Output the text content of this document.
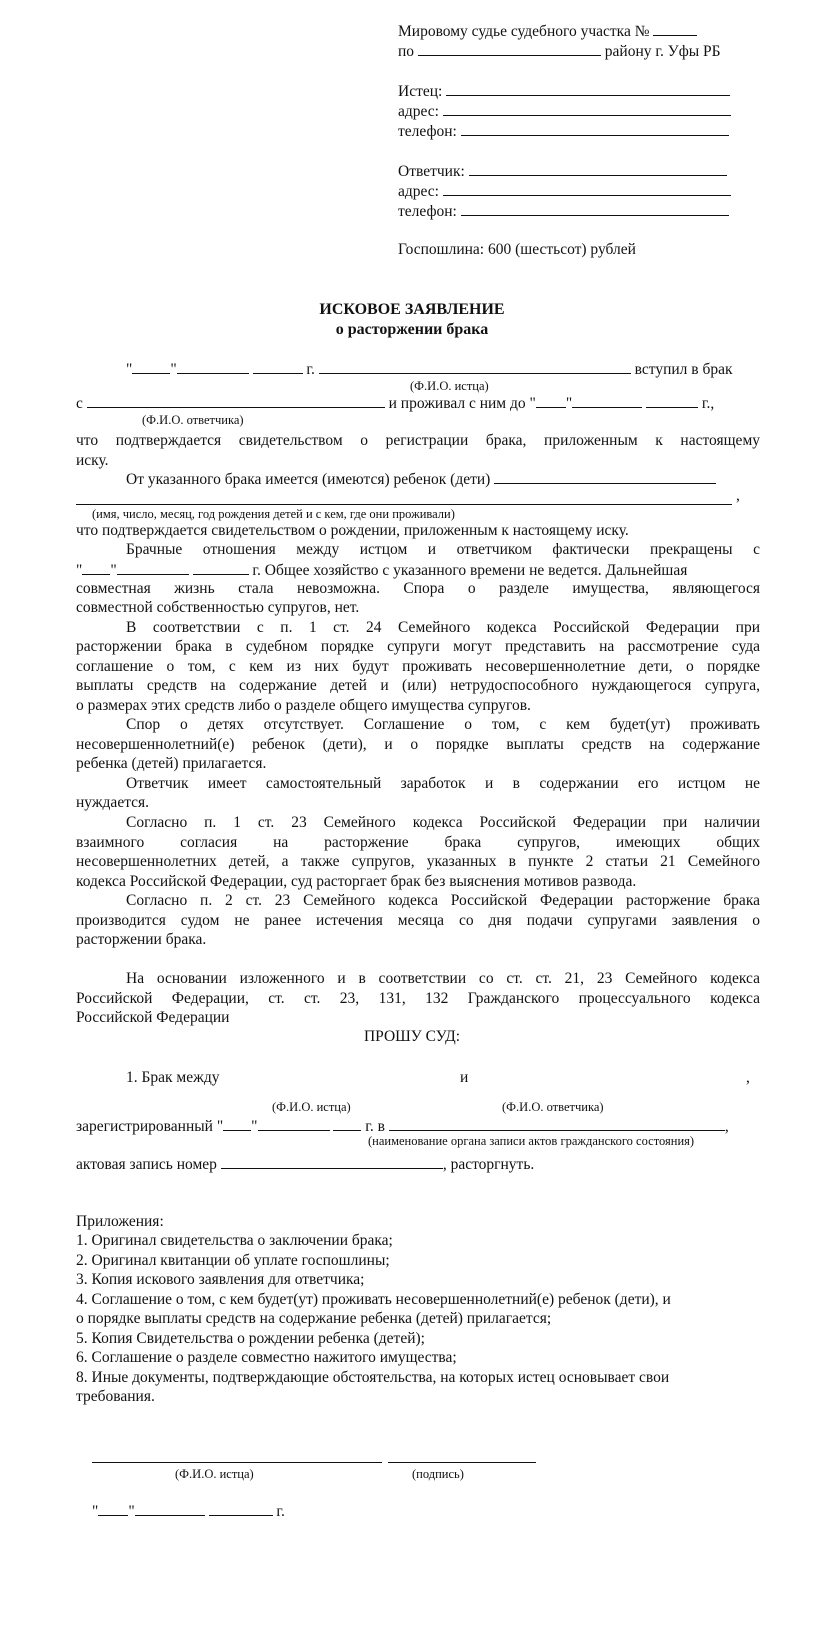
Мировому судье судебного участка №
по	району г. Уфы РБ
Истец:
адрес:
телефон:
Ответчик:
адрес:
телефон:
Госпошлина: 600 (шестьсот) рублей
ИСКОВОЕ ЗАЯВЛЕНИЕ
о расторжении брака
" "	г.	вступил в брак
(Ф.И.О. истца)
с	и проживал с ним до " "	г.,
(Ф.И.О. ответчика)
что подтверждается свидетельством о регистрации брака, приложенным к настоящему
иску.
От указанного брака имеется (имеются) ребенок (дети)
,
(имя, число, месяц, год рождения детей и с кем, где они проживали)
что подтверждается свидетельством о рождении, приложенным к настоящему иску.
Брачные отношения между истцом и ответчиком фактически прекращены с
" "	г. Общее хозяйство с указанного времени не ведется. Дальнейшая
совместная жизнь стала невозможна. Спора о разделе имущества, являющегося
совместной собственностью супругов, нет.
В соответствии с п. 1 ст. 24 Семейного кодекса Российской Федерации при
расторжении брака в судебном порядке супруги могут представить на рассмотрение суда
соглашение о том, с кем из них будут проживать несовершеннолетние дети, о порядке
выплаты средств на содержание детей и (или) нетрудоспособного нуждающегося супруга,
о размерах этих средств либо о разделе общего имущества супругов.
Спор о детях отсутствует. Соглашение о том, с кем будет(ут) проживать
несовершеннолетний(е) ребенок (дети), и о порядке выплаты средств на содержание
ребенка (детей) прилагается.
Ответчик имеет самостоятельный заработок и в содержании его истцом не
нуждается.
Согласно п. 1 ст. 23 Семейного кодекса Российской Федерации при наличии
взаимного согласия на расторжение брака супругов, имеющих общих
несовершеннолетних детей, а также супругов, указанных в пункте 2 статьи 21 Семейного
кодекса Российской Федерации, суд расторгает брак без выяснения мотивов развода.
Согласно п. 2 ст. 23 Семейного кодекса Российской Федерации расторжение брака
производится судом не ранее истечения месяца со дня подачи супругами заявления о
расторжении брака.
На основании изложенного и в соответствии со ст. ст. 21, 23 Семейного кодекса
Российской Федерации, ст. ст. 23, 131, 132 Гражданского процессуального кодекса
Российской Федерации
ПРОШУ СУД:
1. Брак между	и	,
(Ф.И.О. истца)	(Ф.И.О. ответчика)
зарегистрированный " "	г. в	,
(наименование органа записи актов гражданского состояния)
актовая запись номер	, расторгнуть.
Приложения:
1. Оригинал свидетельства о заключении брака;
2. Оригинал квитанции об уплате госпошлины;
3. Копия искового заявления для ответчика;
4. Соглашение о том, с кем будет(ут) проживать несовершеннолетний(е) ребенок (дети), и
о порядке выплаты средств на содержание ребенка (детей) прилагается;
5. Копия Свидетельства о рождении ребенка (детей);
6. Соглашение о разделе совместно нажитого имущества;
8. Иные документы, подтверждающие обстоятельства, на которых истец основывает свои
требования.
(Ф.И.О. истца)	(подпись)
" "	г.
